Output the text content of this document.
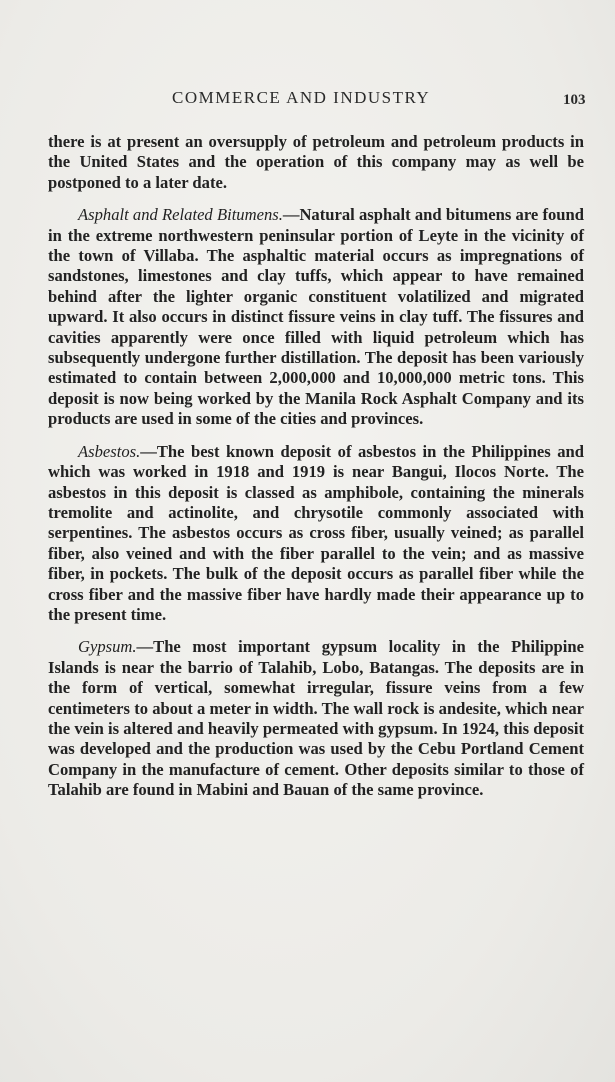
COMMERCE AND INDUSTRY	103

there is at present an oversupply of petroleum and petroleum products in the United States and the operation of this company may as well be postponed to a later date.

Asphalt and Related Bitumens.—Natural asphalt and bitumens are found in the extreme northwestern peninsular portion of Leyte in the vicinity of the town of Villaba. The asphaltic material occurs as impregnations of sandstones, limestones and clay tuffs, which appear to have remained behind after the lighter organic constituent volatilized and migrated upward. It also occurs in distinct fissure veins in clay tuff. The fissures and cavities apparently were once filled with liquid petroleum which has subsequently undergone further distillation. The deposit has been variously estimated to contain between 2,000,000 and 10,000,000 metric tons. This deposit is now being worked by the Manila Rock Asphalt Company and its products are used in some of the cities and provinces.

Asbestos.—The best known deposit of asbestos in the Philippines and which was worked in 1918 and 1919 is near Bangui, Ilocos Norte. The asbestos in this deposit is classed as amphibole, containing the minerals tremolite and actinolite, and chrysotile commonly associated with serpentines. The asbestos occurs as cross fiber, usually veined; as parallel fiber, also veined and with the fiber parallel to the vein; and as massive fiber, in pockets. The bulk of the deposit occurs as parallel fiber while the cross fiber and the massive fiber have hardly made their appearance up to the present time.

Gypsum.—The most important gypsum locality in the Philippine Islands is near the barrio of Talahib, Lobo, Batangas. The deposits are in the form of vertical, somewhat irregular, fissure veins from a few centimeters to about a meter in width. The wall rock is andesite, which near the vein is altered and heavily permeated with gypsum. In 1924, this deposit was developed and the production was used by the Cebu Portland Cement Company in the manufacture of cement. Other deposits similar to those of Talahib are found in Mabini and Bauan of the same province.
